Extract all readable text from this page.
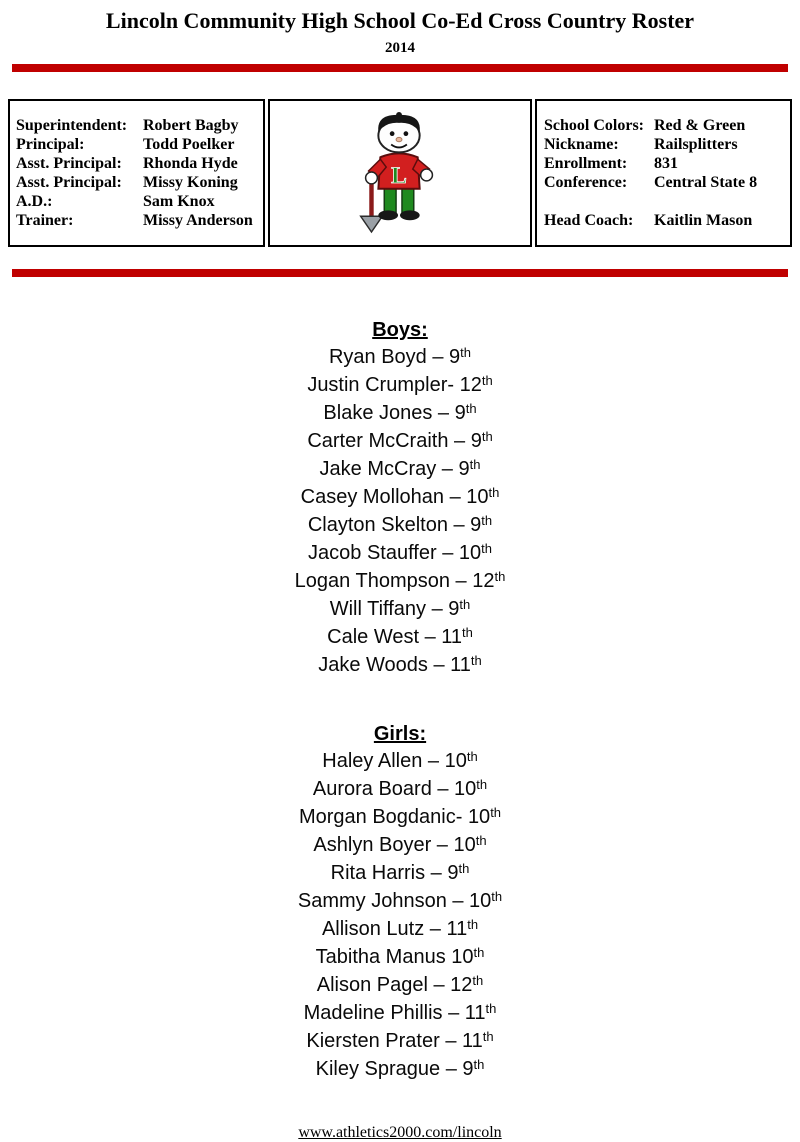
Lincoln Community High School Co-Ed Cross Country Roster
2014
Superintendent: Robert Bagby
Principal:	Todd Poelker
Asst. Principal:	Rhonda Hyde
Asst. Principal:	Missy Koning
A.D.:	Sam Knox
Trainer:	Missy Anderson
L
School Colors: Red & Green
Nickname:	Railsplitters
Enrollment:	831
Conference:	Central State 8
Head Coach:	Kaitlin Mason
Boys:
Ryan Boyd – 9th
Justin Crumpler- 12th
Blake Jones – 9th
Carter McCraith – 9th
Jake McCray – 9th
Casey Mollohan – 10th
Clayton Skelton – 9th
Jacob Stauffer – 10th
Logan Thompson – 12th
Will Tiffany – 9th
Cale West – 11th
Jake Woods – 11th
Girls:
Haley Allen – 10th
Aurora Board – 10th
Morgan Bogdanic- 10th
Ashlyn Boyer – 10th
Rita Harris – 9th
Sammy Johnson – 10th
Allison Lutz – 11th
Tabitha Manus 10th
Alison Pagel – 12th
Madeline Phillis – 11th
Kiersten Prater – 11th
Kiley Sprague – 9th
www.athletics2000.com/lincoln
